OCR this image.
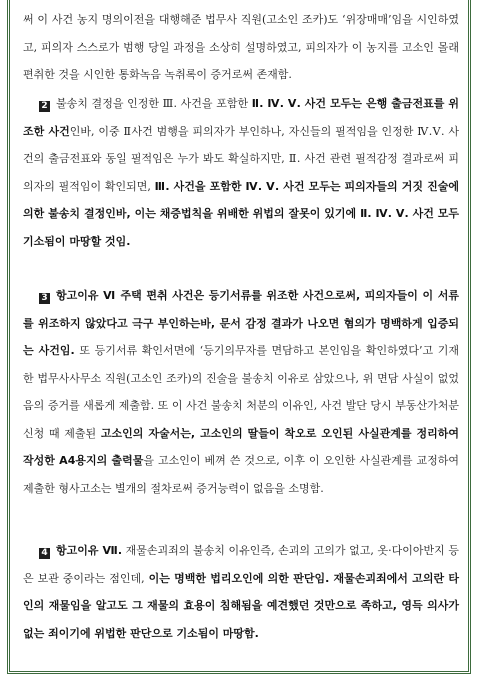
써 이 사건 농지 명의이전을 대행해준 법무사 직원(고소인 조카)도 ‘위장매매’임을 시인하였고, 피의자 스스로가 범행 당일 과정을 소상히 설명하였고, 피의자가 이 농지를 고소인 몰래 편취한 것을 시인한 통화녹음 녹취록이 증거로써 존재함.

2 불송치 결정을 인정한 Ⅲ. 사건을 포함한 Ⅱ. Ⅳ. Ⅴ. 사건 모두는 은행 출금전표를 위조한 사건인바, 이중 Ⅱ사건 범행을 피의자가 부인하나, 자신들의 필적임을 인정한 Ⅳ.Ⅴ. 사건의 출금전표와 동일 필적임은 누가 봐도 확실하지만, Ⅱ. 사건 관련 필적감정 결과로써 피의자의 필적임이 확인되면, Ⅲ. 사건을 포함한 Ⅳ. Ⅴ. 사건 모두는 피의자들의 거짓 진술에 의한 불송치 결정인바, 이는 채증법칙을 위배한 위법의 잘못이 있기에 Ⅱ. Ⅳ. Ⅴ. 사건 모두 기소됨이 마땅할 것임.

3 항고이유 Ⅵ 주택 편취 사건은 등기서류를 위조한 사건으로써, 피의자들이 이 서류를 위조하지 않았다고 극구 부인하는바, 문서 감정 결과가 나오면 혐의가 명백하게 입증되는 사건임. 또 등기서류 확인서면에 ‘등기의무자를 면담하고 본인임을 확인하였다’고 기재한 법무사사무소 직원(고소인 조카)의 진술을 불송치 이유로 삼았으나, 위 면담 사실이 없었음의 증거를 새롭게 제출함. 또 이 사건 불송치 처분의 이유인, 사건 발단 당시 부동산가처분 신청 때 제출된 고소인의 자술서는, 고소인의 딸들이 착오로 오인된 사실관계를 정리하여 작성한 A4용지의 출력물을 고소인이 베껴 쓴 것으로, 이후 이 오인한 사실관계를 교정하여 제출한 형사고소는 별개의 절차로써 증거능력이 없음을 소명함.

4 항고이유 Ⅶ. 재물손괴죄의 불송치 이유인즉, 손괴의 고의가 없고, 옷·다이아반지 등은 보관 중이라는 점인데, 이는 명백한 법리오인에 의한 판단임. 재물손괴죄에서 고의란 타인의 재물임을 알고도 그 재물의 효용이 침해됨을 예견했던 것만으로 족하고, 영득 의사가 없는 죄이기에 위법한 판단으로 기소됨이 마땅함.
